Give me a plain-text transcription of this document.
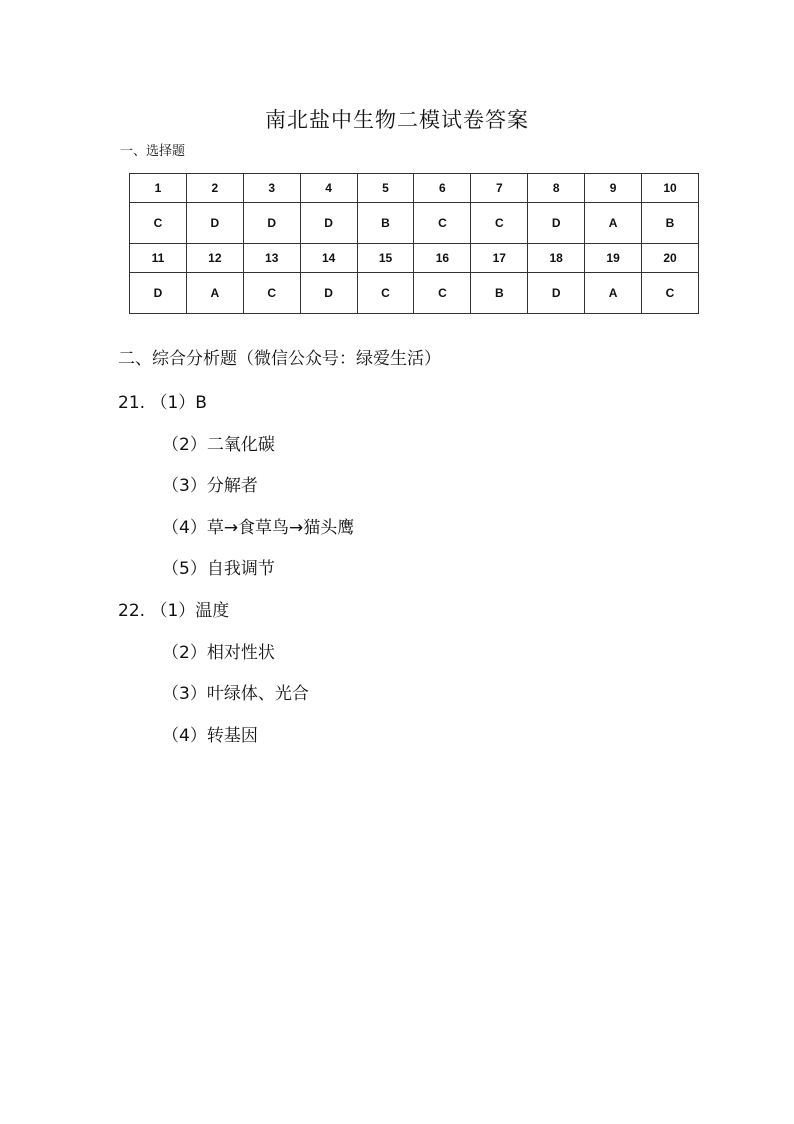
南北盐中生物二模试卷答案
一、选择题
1	2	3	4	5	6	7	8	9	10
C	D	D	D	B	C	C	D	A	B
11	12	13	14	15	16	17	18	19	20
D	A	C	D	C	C	B	D	A	C
二、综合分析题（微信公众号：绿爱生活）
21. （1）B
（2）二氧化碳
（3）分解者
（4）草→食草鸟→猫头鹰
（5）自我调节
22. （1）温度
（2）相对性状
（3）叶绿体、光合
（4）转基因
